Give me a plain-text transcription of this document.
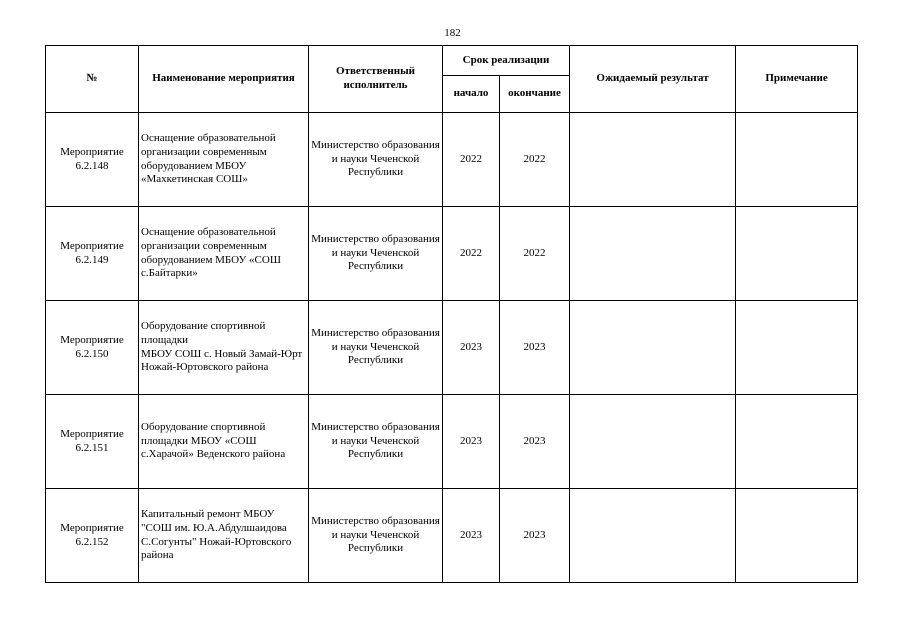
182
№	Наименование мероприятия	Ответственный исполнитель	Срок реализации		Ожидаемый результат	Примечание
			начало	окончание		
Мероприятие 6.2.148	Оснащение образовательной организации современным оборудованием МБОУ «Махкетинская СОШ»	Министерство образования и науки Чеченской Республики	2022	2022		
Мероприятие 6.2.149	Оснащение образовательной организации современным оборудованием МБОУ «СОШ с.Байтарки»	Министерство образования и науки Чеченской Республики	2022	2022		
Мероприятие 6.2.150	Оборудование спортивной площадки
МБОУ СОШ с. Новый Замай-Юрт
Ножай-Юртовского района	Министерство образования и науки Чеченской Республики	2023	2023		
Мероприятие 6.2.151	Оборудование спортивной площадки МБОУ «СОШ с.Харачой» Веденского района	Министерство образования и науки Чеченской Республики	2023	2023		
Мероприятие 6.2.152	Капитальный ремонт МБОУ "СОШ им. Ю.А.Абдулшаидова С.Согунты" Ножай-Юртовского района	Министерство образования и науки Чеченской Республики	2023	2023		
